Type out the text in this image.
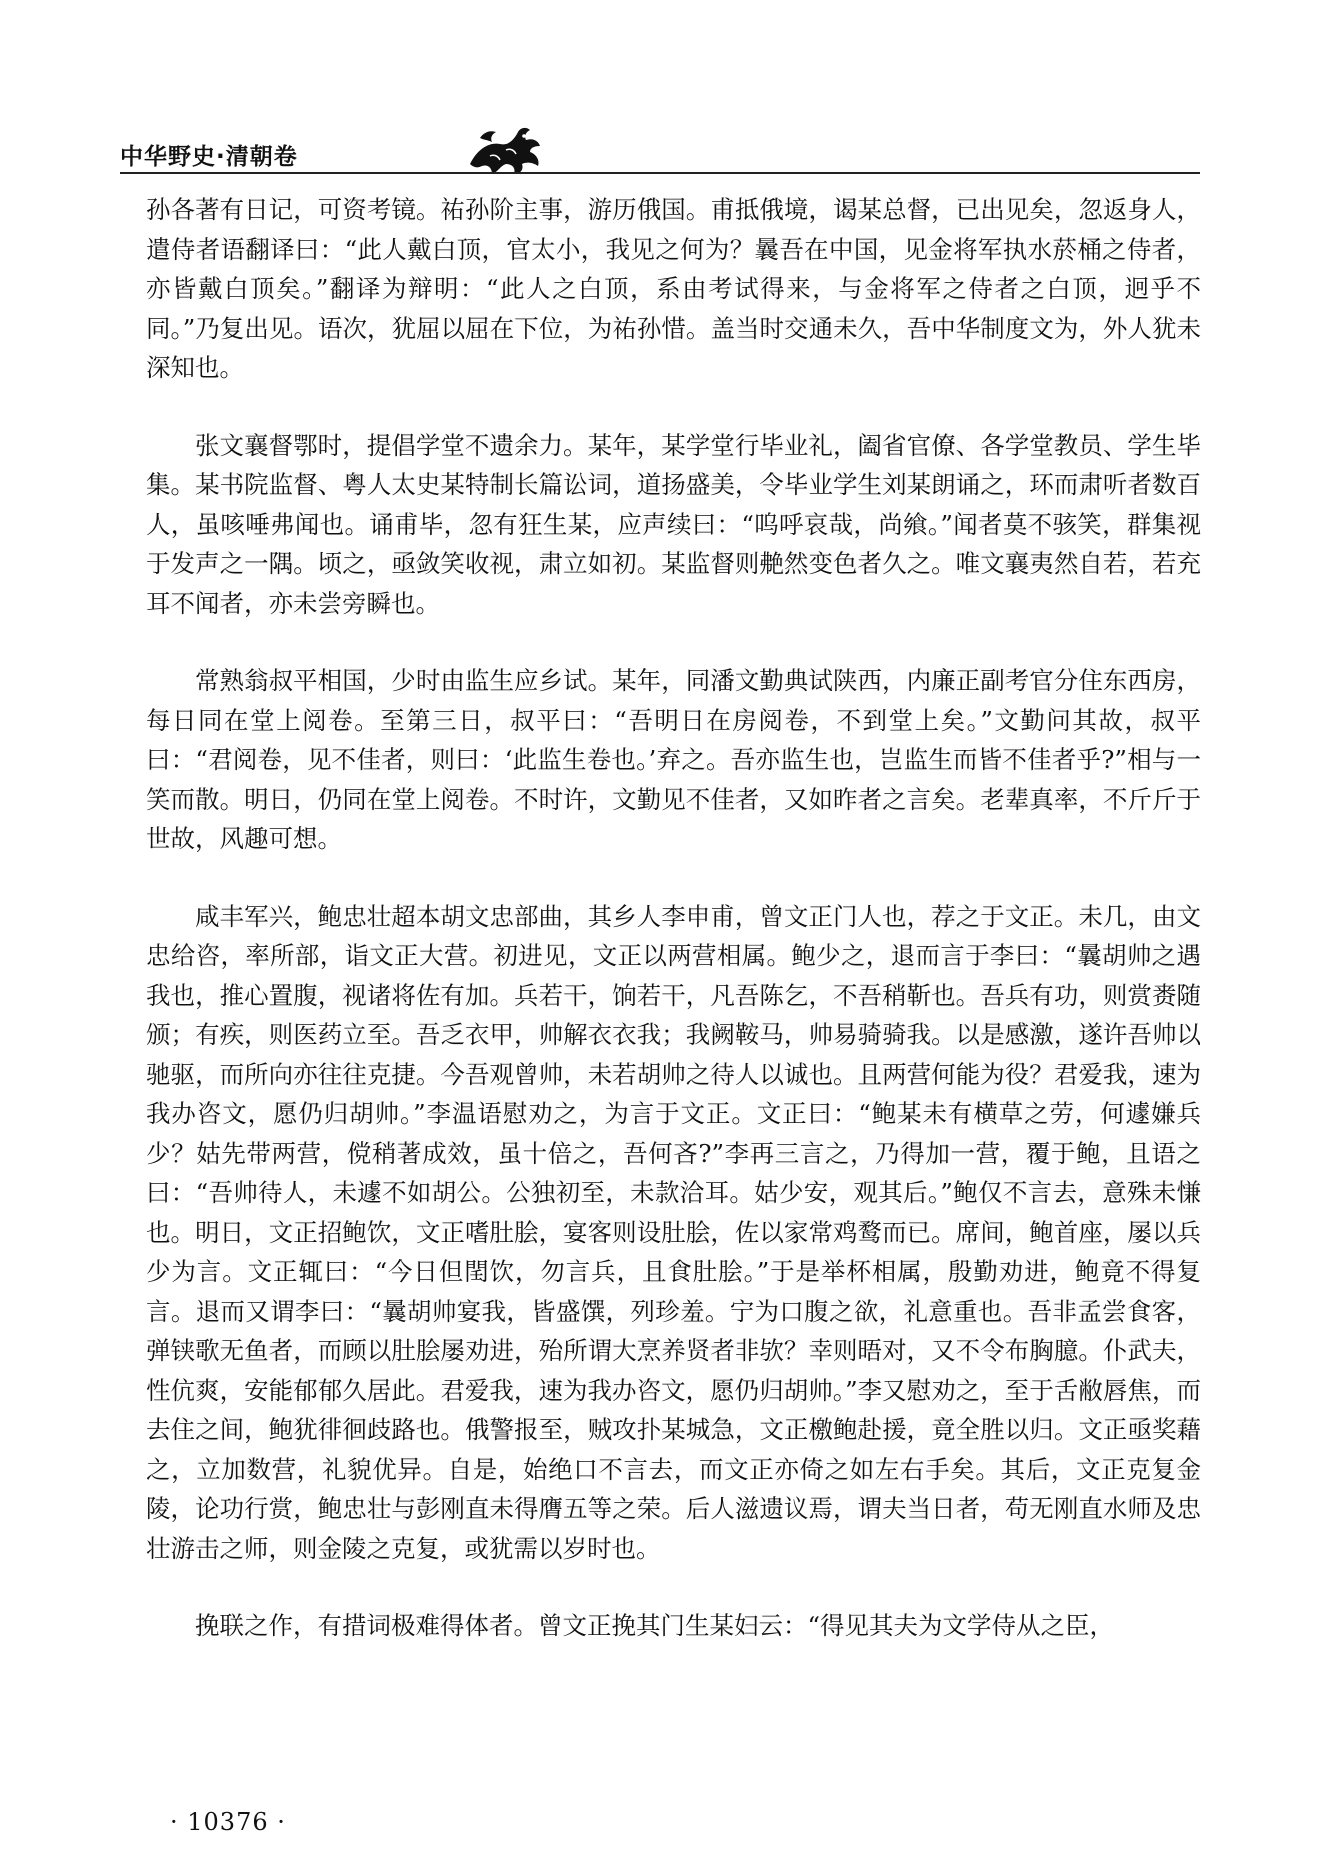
中华野史·清朝卷

孙各著有日记，可资考镜。祐孙阶主事，游历俄国。甫抵俄境，谒某总督，已出见矣，忽返身人，遣侍者语翻译曰：“此人戴白顶，官太小，我见之何为？曩吾在中国，见金将军执水菸桶之侍者，亦皆戴白顶矣。”翻译为辩明：“此人之白顶，系由考试得来，与金将军之侍者之白顶，迥乎不同。”乃复出见。语次，犹屈以屈在下位，为祐孙惜。盖当时交通未久，吾中华制度文为，外人犹未深知也。

张文襄督鄂时，提倡学堂不遗余力。某年，某学堂行毕业礼，阖省官僚、各学堂教员、学生毕集。某书院监督、粤人太史某特制长篇讼词，道扬盛美，令毕业学生刘某朗诵之，环而肃听者数百人，虽咳唾弗闻也。诵甫毕，忽有狂生某，应声续曰：“呜呼哀哉，尚飨。”闻者莫不骇笑，群集视于发声之一隅。顷之，亟敛笑收视，肃立如初。某监督则艴然变色者久之。唯文襄夷然自若，若充耳不闻者，亦未尝旁瞬也。

常熟翁叔平相国，少时由监生应乡试。某年，同潘文勤典试陕西，内廉正副考官分住东西房，每日同在堂上阅卷。至第三日，叔平曰：“吾明日在房阅卷，不到堂上矣。”文勤问其故，叔平曰：“君阅卷，见不佳者，则曰：‘此监生卷也。’弃之。吾亦监生也，岂监生而皆不佳者乎?”相与一笑而散。明日，仍同在堂上阅卷。不时许，文勤见不佳者，又如昨者之言矣。老辈真率，不斤斤于世故，风趣可想。

咸丰军兴，鲍忠壮超本胡文忠部曲，其乡人李申甫，曾文正门人也，荐之于文正。未几，由文忠给咨，率所部，诣文正大营。初进见，文正以两营相属。鲍少之，退而言于李曰：“曩胡帅之遇我也，推心置腹，视诸将佐有加。兵若干，饷若干，凡吾陈乞，不吾稍靳也。吾兵有功，则赏赉随颁；有疾，则医药立至。吾乏衣甲，帅解衣衣我；我阙鞍马，帅易骑骑我。以是感激，遂许吾帅以驰驱，而所向亦往往克捷。今吾观曾帅，未若胡帅之待人以诚也。且两营何能为役？君爱我，速为我办咨文，愿仍归胡帅。”李温语慰劝之，为言于文正。文正曰：“鲍某未有横草之劳，何遽嫌兵少？姑先带两营，傥稍著成效，虽十倍之，吾何吝?”李再三言之，乃得加一营，覆于鲍，且语之曰：“吾帅待人，未遽不如胡公。公独初至，未款洽耳。姑少安，观其后。”鲍仅不言去，意殊未慊也。明日，文正招鲍饮，文正嗜肚脍，宴客则设肚脍，佐以家常鸡鹜而已。席间，鲍首座，屡以兵少为言。文正辄曰：“今日但𨳝饮，勿言兵，且食肚脍。”于是举杯相属，殷勤劝进，鲍竟不得复言。退而又谓李曰：“曩胡帅宴我，皆盛馔，列珍羞。宁为口腹之欲，礼意重也。吾非孟尝食客，弹铗歌无鱼者，而顾以肚脍屡劝进，殆所谓大烹养贤者非欤？幸则晤对，又不令布胸臆。仆武夫，性伉爽，安能郁郁久居此。君爱我，速为我办咨文，愿仍归胡帅。”李又慰劝之，至于舌敝唇焦，而去住之间，鲍犹徘徊歧路也。俄警报至，贼攻扑某城急，文正檄鲍赴援，竟全胜以归。文正亟奖藉之，立加数营，礼貌优异。自是，始绝口不言去，而文正亦倚之如左右手矣。其后，文正克复金陵，论功行赏，鲍忠壮与彭刚直未得膺五等之荣。后人滋遗议焉，谓夫当日者，苟无刚直水师及忠壮游击之师，则金陵之克复，或犹需以岁时也。

挽联之作，有措词极难得体者。曾文正挽其门生某妇云：“得见其夫为文学侍从之臣，

· 10376 ·
